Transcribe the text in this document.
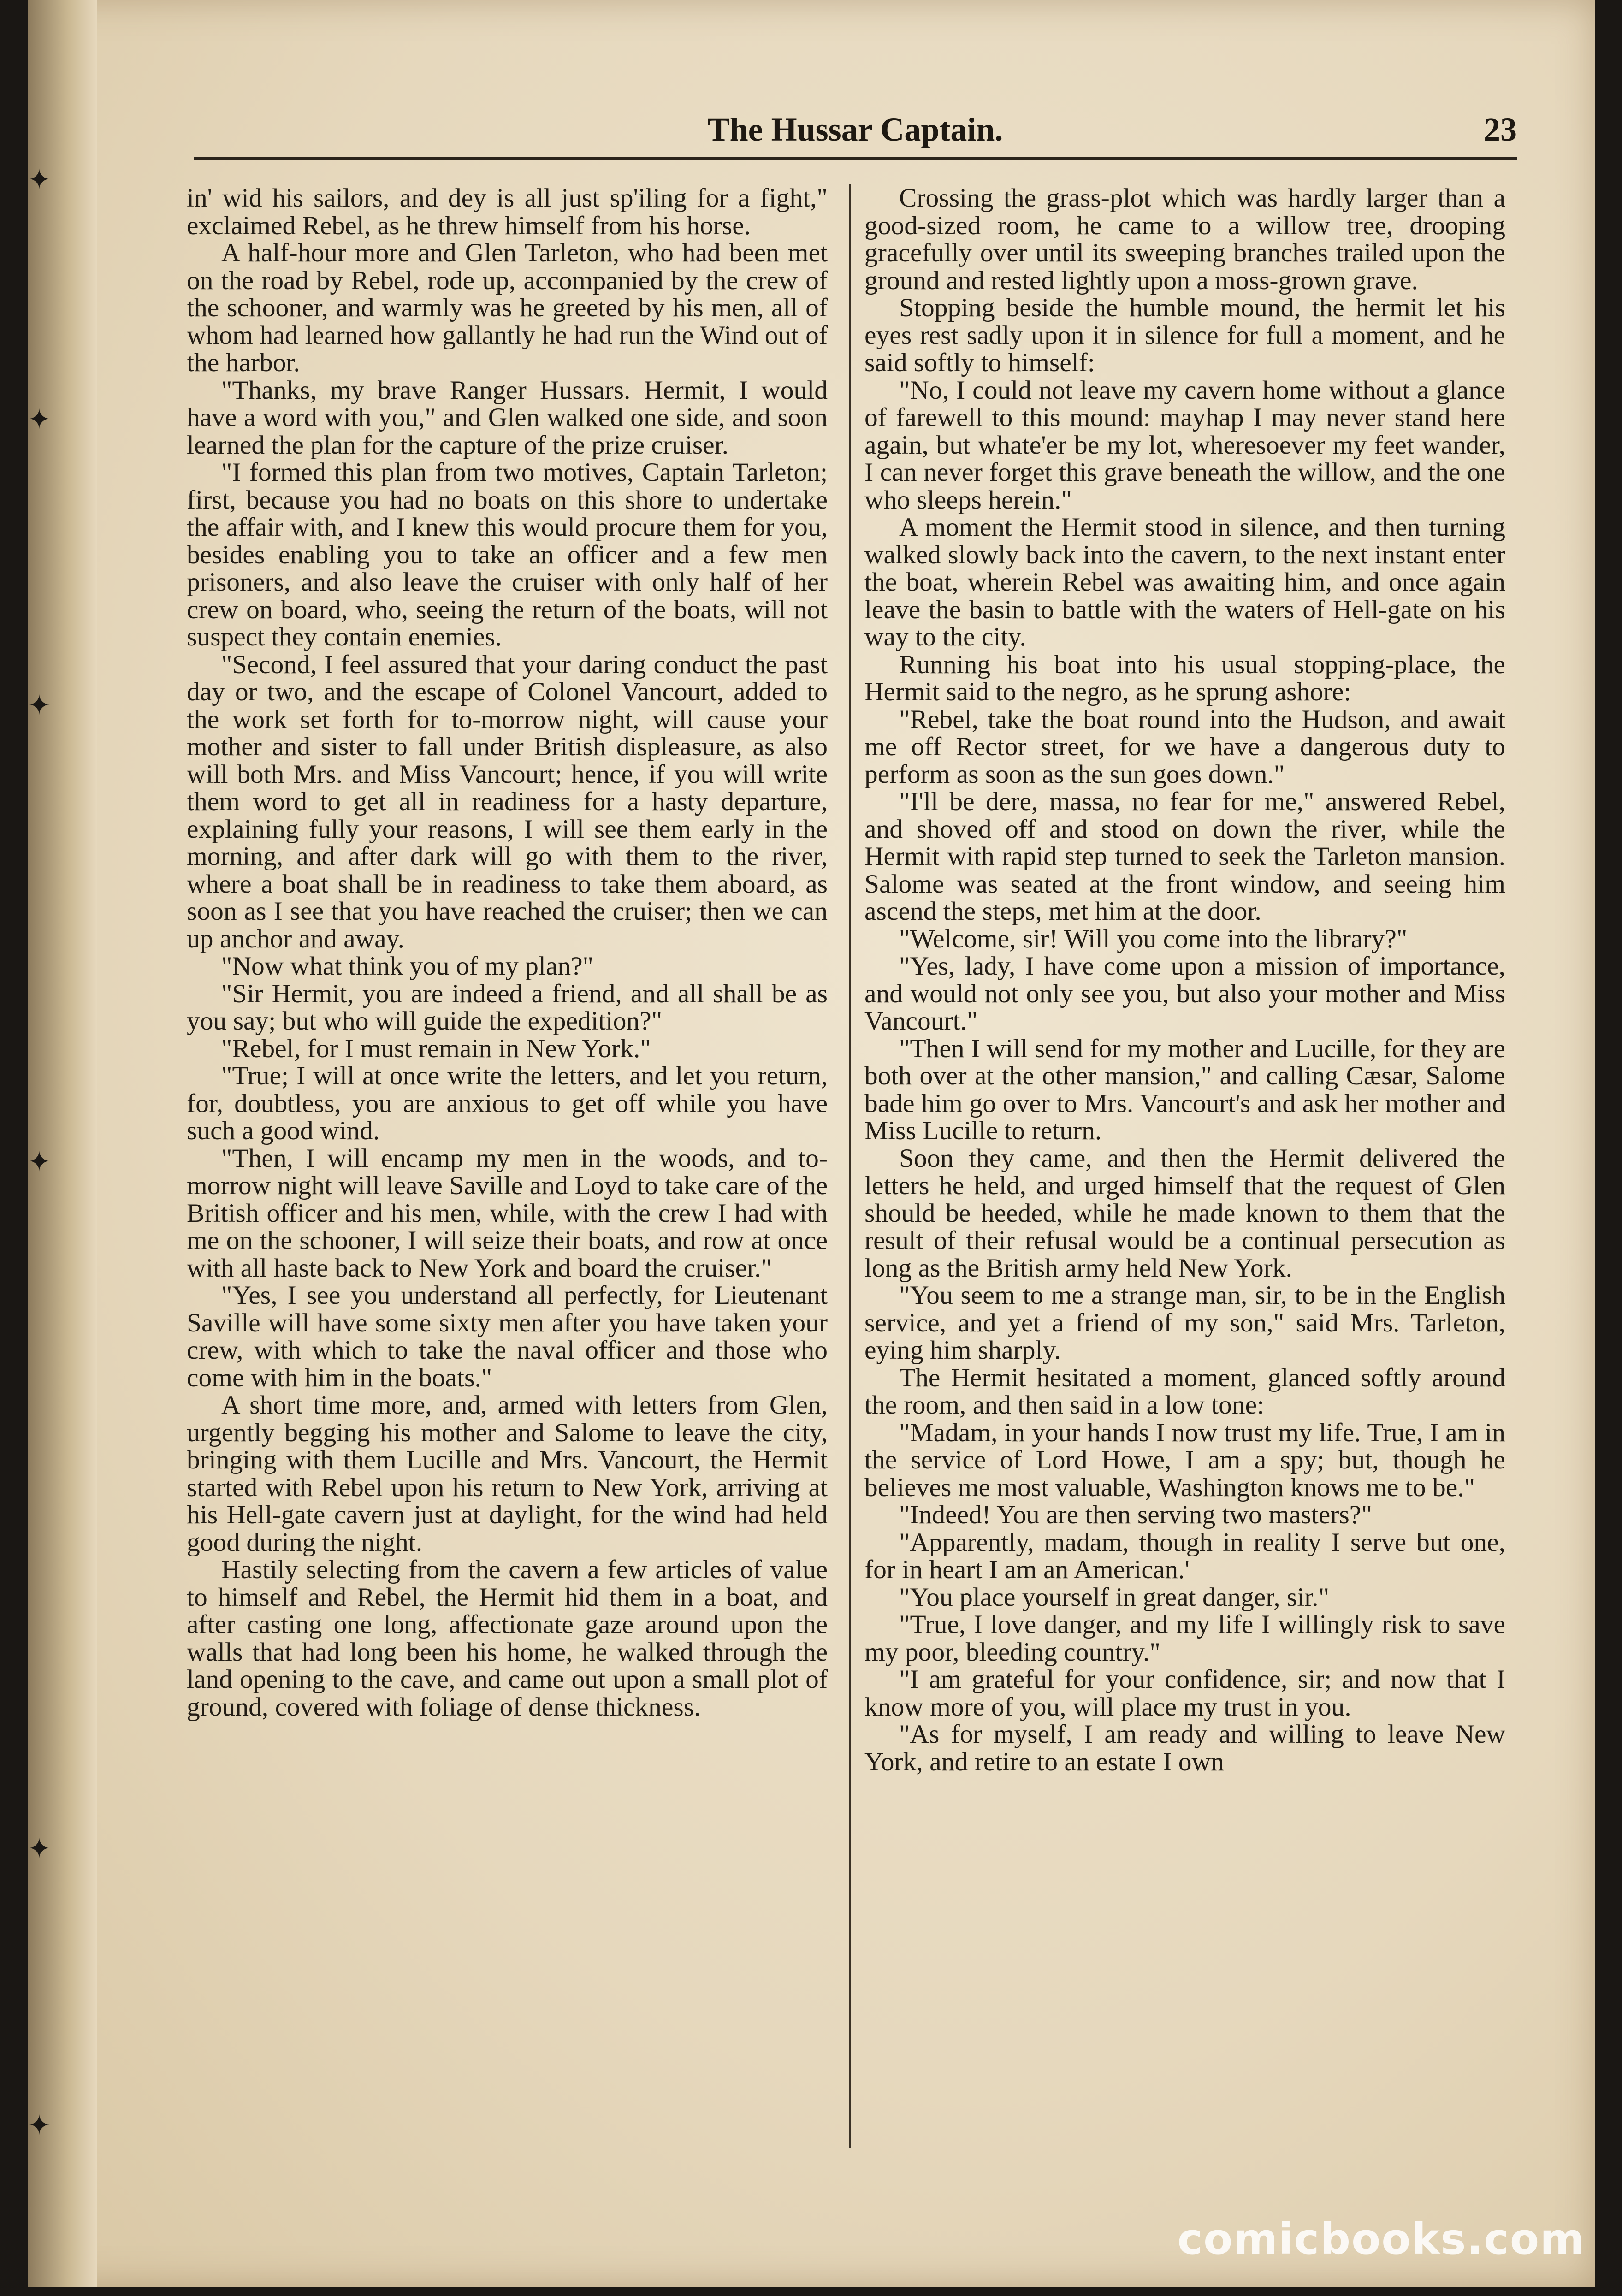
✦
✦
✦
✦
✦
✦
The Hussar Captain.	23

in' wid his sailors, and dey is all just sp'iling for a fight," exclaimed Rebel, as he threw himself from his horse.

A half-hour more and Glen Tarleton, who had been met on the road by Rebel, rode up, accompanied by the crew of the schooner, and warmly was he greeted by his men, all of whom had learned how gallantly he had run the Wind out of the harbor.

"Thanks, my brave Ranger Hussars. Hermit, I would have a word with you," and Glen walked one side, and soon learned the plan for the capture of the prize cruiser.

"I formed this plan from two motives, Captain Tarleton; first, because you had no boats on this shore to undertake the affair with, and I knew this would procure them for you, besides enabling you to take an officer and a few men prisoners, and also leave the cruiser with only half of her crew on board, who, seeing the return of the boats, will not suspect they contain enemies.

"Second, I feel assured that your daring conduct the past day or two, and the escape of Colonel Vancourt, added to the work set forth for to-morrow night, will cause your mother and sister to fall under British displeasure, as also will both Mrs. and Miss Vancourt; hence, if you will write them word to get all in readiness for a hasty departure, explaining fully your reasons, I will see them early in the morning, and after dark will go with them to the river, where a boat shall be in readiness to take them aboard, as soon as I see that you have reached the cruiser; then we can up anchor and away.

"Now what think you of my plan?"

"Sir Hermit, you are indeed a friend, and all shall be as you say; but who will guide the expedition?"

"Rebel, for I must remain in New York."

"True; I will at once write the letters, and let you return, for, doubtless, you are anxious to get off while you have such a good wind.

"Then, I will encamp my men in the woods, and to-morrow night will leave Saville and Loyd to take care of the British officer and his men, while, with the crew I had with me on the schooner, I will seize their boats, and row at once with all haste back to New York and board the cruiser."

"Yes, I see you understand all perfectly, for Lieutenant Saville will have some sixty men after you have taken your crew, with which to take the naval officer and those who come with him in the boats."

A short time more, and, armed with letters from Glen, urgently begging his mother and Salome to leave the city, bringing with them Lucille and Mrs. Vancourt, the Hermit started with Rebel upon his return to New York, arriving at his Hell-gate cavern just at daylight, for the wind had held good during the night.

Hastily selecting from the cavern a few articles of value to himself and Rebel, the Hermit hid them in a boat, and after casting one long, affectionate gaze around upon the walls that had long been his home, he walked through the land opening to the cave, and came out upon a small plot of ground, covered with foliage of dense thickness.

Crossing the grass-plot which was hardly larger than a good-sized room, he came to a willow tree, drooping gracefully over until its sweeping branches trailed upon the ground and rested lightly upon a moss-grown grave.

Stopping beside the humble mound, the hermit let his eyes rest sadly upon it in silence for full a moment, and he said softly to himself:

"No, I could not leave my cavern home without a glance of farewell to this mound: mayhap I may never stand here again, but whate'er be my lot, wheresoever my feet wander, I can never forget this grave beneath the willow, and the one who sleeps herein."

A moment the Hermit stood in silence, and then turning walked slowly back into the cavern, to the next instant enter the boat, wherein Rebel was awaiting him, and once again leave the basin to battle with the waters of Hell-gate on his way to the city.

Running his boat into his usual stopping-place, the Hermit said to the negro, as he sprung ashore:

"Rebel, take the boat round into the Hudson, and await me off Rector street, for we have a dangerous duty to perform as soon as the sun goes down."

"I'll be dere, massa, no fear for me," answered Rebel, and shoved off and stood on down the river, while the Hermit with rapid step turned to seek the Tarleton mansion. Salome was seated at the front window, and seeing him ascend the steps, met him at the door.

"Welcome, sir! Will you come into the library?"

"Yes, lady, I have come upon a mission of importance, and would not only see you, but also your mother and Miss Vancourt."

"Then I will send for my mother and Lucille, for they are both over at the other mansion," and calling Cæsar, Salome bade him go over to Mrs. Vancourt's and ask her mother and Miss Lucille to return.

Soon they came, and then the Hermit delivered the letters he held, and urged himself that the request of Glen should be heeded, while he made known to them that the result of their refusal would be a continual persecution as long as the British army held New York.

"You seem to me a strange man, sir, to be in the English service, and yet a friend of my son," said Mrs. Tarleton, eying him sharply.

The Hermit hesitated a moment, glanced softly around the room, and then said in a low tone:

"Madam, in your hands I now trust my life. True, I am in the service of Lord Howe, I am a spy; but, though he believes me most valuable, Washington knows me to be."

"Indeed! You are then serving two masters?"

"Apparently, madam, though in reality I serve but one, for in heart I am an American.'

"You place yourself in great danger, sir."

"True, I love danger, and my life I willingly risk to save my poor, bleeding country."

"I am grateful for your confidence, sir; and now that I know more of you, will place my trust in you.

"As for myself, I am ready and willing to leave New York, and retire to an estate I own

comicbooks.com
